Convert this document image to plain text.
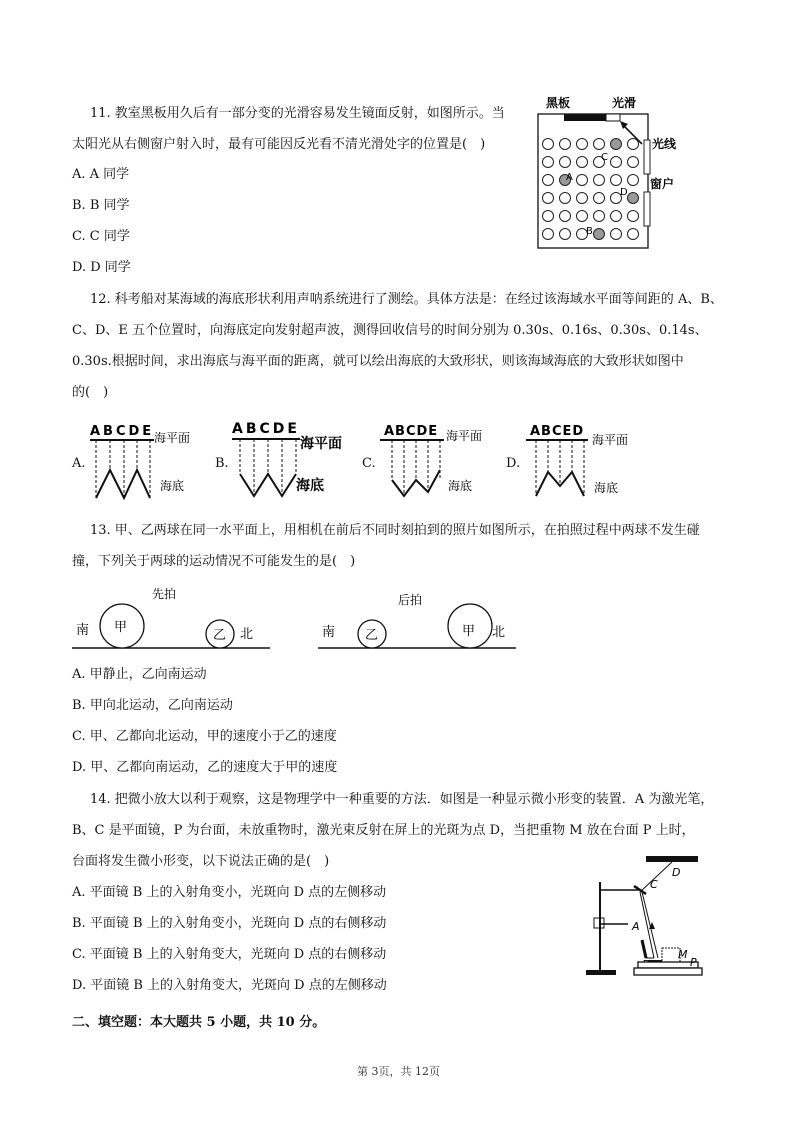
11. 教室黑板用久后有一部分变的光滑容易发生镜面反射，如图所示。当
太阳光从右侧窗户射入时，最有可能因反光看不清光滑处字的位置是(　)
A. A 同学
B. B 同学
C. C 同学
D. D 同学
黑板	光滑
光线
窗户
A
B
C
D
12. 科考船对某海域的海底形状利用声呐系统进行了测绘。具体方法是：在经过该海域水平面等间距的 A、B、
C、D、E 五个位置时，向海底定向发射超声波，测得回收信号的时间分别为 0.30s、0.16s、0.30s、0.14s、
0.30s.根据时间，求出海底与海平面的距离，就可以绘出海底的大致形状，则该海域海底的大致形状如图中
的(　)
A.
ABCDE 海平面
海底
B.
ABCDE
海平面
海底
C.
ABCDE 海平面
海底
D.
ABCED
海平面
海底
13. 甲、乙两球在同一水平面上，用相机在前后不同时刻拍到的照片如图所示，在拍照过程中两球不发生碰
撞，下列关于两球的运动情况不可能发生的是(　)
先拍
南 甲
乙 北
后拍
南 乙	甲 北
A. 甲静止，乙向南运动
B. 甲向北运动，乙向南运动
C. 甲、乙都向北运动，甲的速度小于乙的速度
D. 甲、乙都向南运动，乙的速度大于甲的速度
14. 把微小放大以利于观察，这是物理学中一种重要的方法．如图是一种显示微小形变的装置．A 为激光笔，
B、C 是平面镜，P 为台面，未放重物时，激光束反射在屏上的光斑为点 D，当把重物 M 放在台面 P 上时，
台面将发生微小形变，以下说法正确的是(　)
A. 平面镜 B 上的入射角变小，光斑向 D 点的左侧移动
B. 平面镜 B 上的入射角变小，光斑向 D 点的右侧移动
C. 平面镜 B 上的入射角变大，光斑向 D 点的右侧移动
D. 平面镜 B 上的入射角变大，光斑向 D 点的左侧移动
D
C
A
M
P
二、填空题：本大题共 5 小题，共 10 分。
第 3页，共 12页
